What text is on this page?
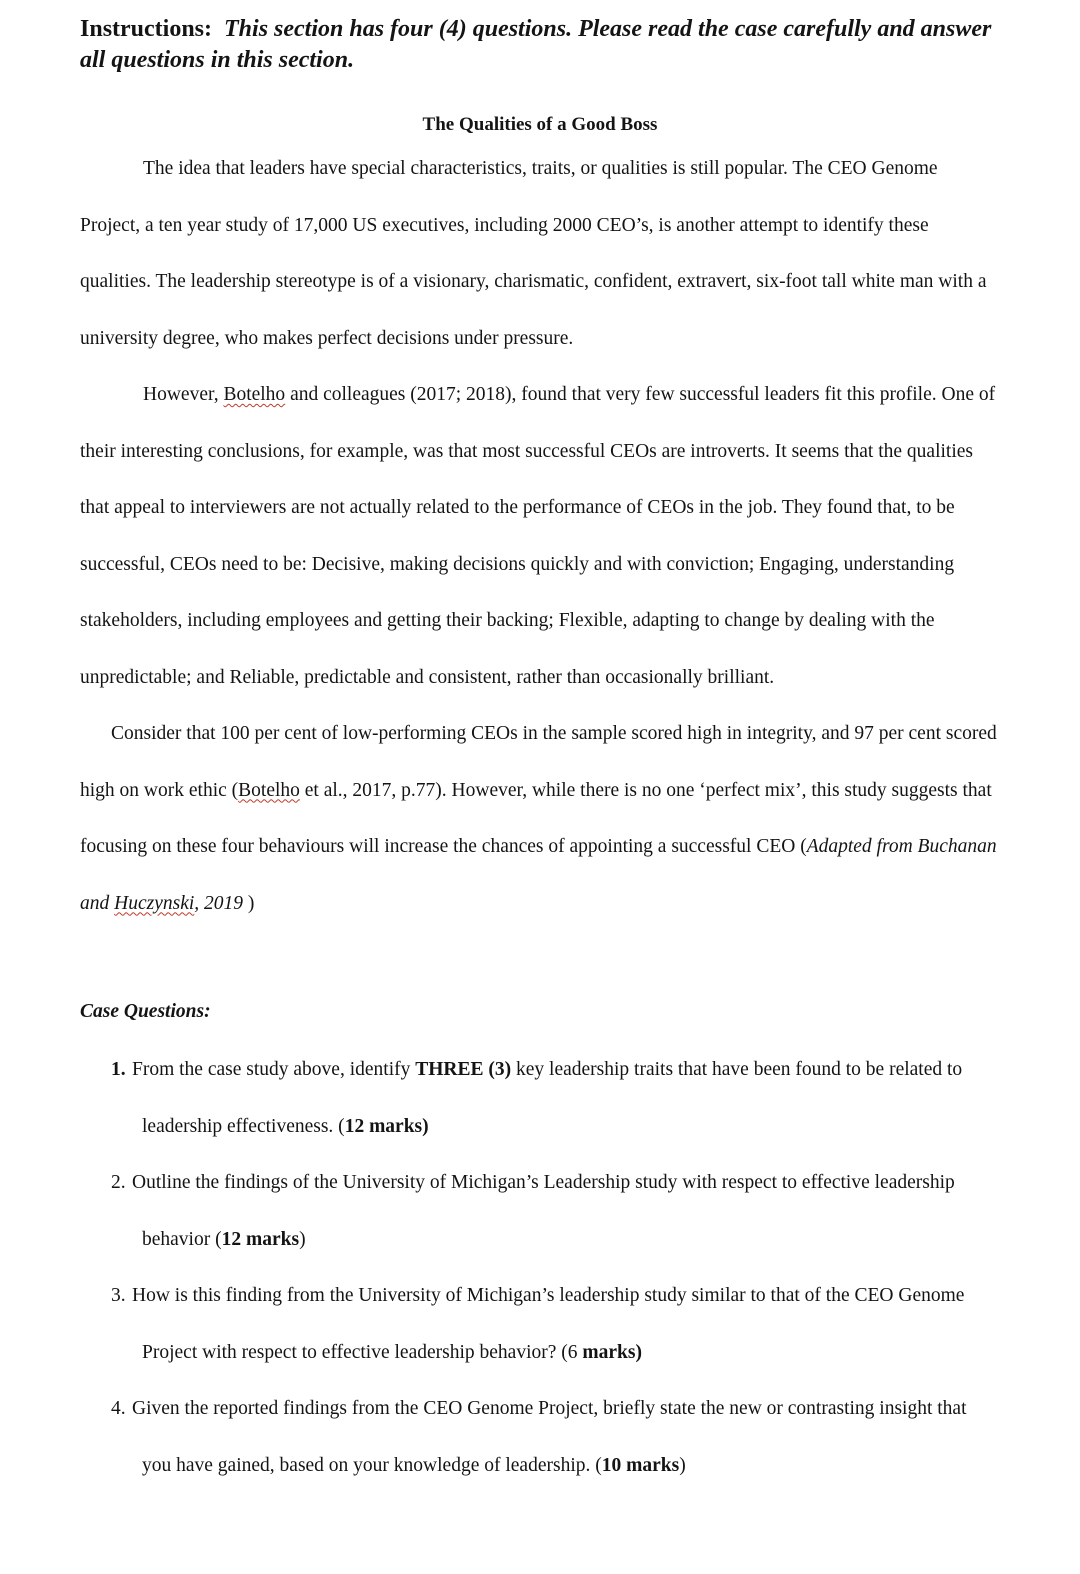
Instructions: This section has four (4) questions. Please read the case carefully and answer all questions in this section.
The Qualities of a Good Boss

The idea that leaders have special characteristics, traits, or qualities is still popular. The CEO Genome Project, a ten year study of 17,000 US executives, including 2000 CEO’s, is another attempt to identify these qualities. The leadership stereotype is of a visionary, charismatic, confident, extravert, six-foot tall white man with a university degree, who makes perfect decisions under pressure.

However, Botelho and colleagues (2017; 2018), found that very few successful leaders fit this profile. One of their interesting conclusions, for example, was that most successful CEOs are introverts. It seems that the qualities that appeal to interviewers are not actually related to the performance of CEOs in the job. They found that, to be successful, CEOs need to be: Decisive, making decisions quickly and with conviction; Engaging, understanding stakeholders, including employees and getting their backing; Flexible, adapting to change by dealing with the unpredictable; and Reliable, predictable and consistent, rather than occasionally brilliant.

Consider that 100 per cent of low-performing CEOs in the sample scored high in integrity, and 97 per cent scored high on work ethic (Botelho et al., 2017, p.77). However, while there is no one ‘perfect mix’, this study suggests that focusing on these four behaviours will increase the chances of appointing a successful CEO (Adapted from Buchanan and Huczynski, 2019 )

Case Questions:
1. From the case study above, identify THREE (3) key leadership traits that have been found to be related to leadership effectiveness. (12 marks)
2. Outline the findings of the University of Michigan’s Leadership study with respect to effective leadership behavior (12 marks)
3. How is this finding from the University of Michigan’s leadership study similar to that of the CEO Genome Project with respect to effective leadership behavior? (6 marks)
4. Given the reported findings from the CEO Genome Project, briefly state the new or contrasting insight that you have gained, based on your knowledge of leadership. (10 marks)
